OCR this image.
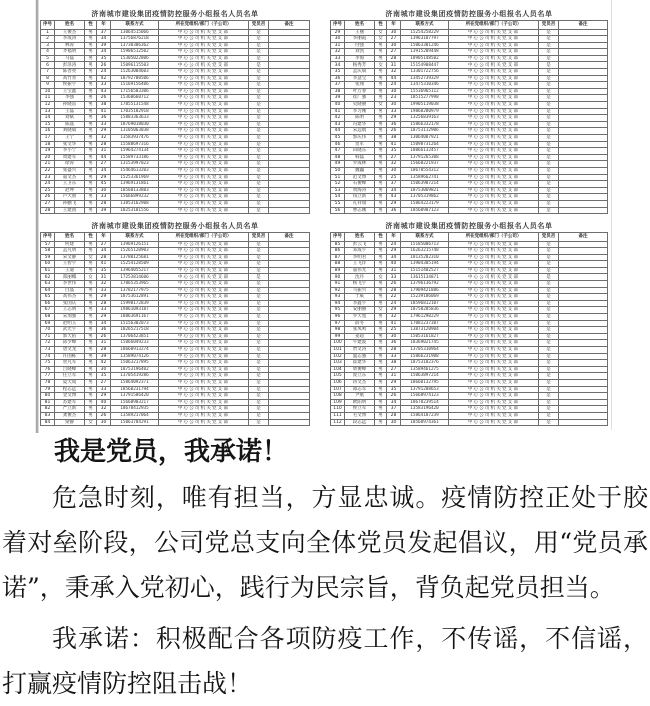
济南城市建设集团疫情防控服务小组报名人员名单
序号	姓名	性	年	联系方式	所在党组织/部门（子公司）	党员否	备注
1	王俊杰	男	37	13064515066	中心公司机关党支部	是	
2	李成涛	男	34	13756876218	中心公司机关党支部	是	
3	林涛	男	39	13730306362	中心公司机关党支部	是	
4	齐福明	男	34	15906512502	中心公司机关党支部	是	
5	马磊	男	35	15305022806	中心公司机关党支部	是	
6	彭泽涛	男	26	15096115503	中心公司机关党支部	是	
7	陈善亮	男	24	15263004603	中心公司机关党支部	是	
8	高竹青	男	42	18792700506	中心公司机关党支部	是	
9	侯振宇	男	33	15169156406	中心公司机关党支部	是	
10	王宝鑫	男	43	17156503306	中心公司机关党支部	是	
11	李强	男	26	15360660712	中心公司机关党支部	是	
12	孙晓雷	男	38	17855131548	中心公司机关党支部	是	
13	王磊	男	41	17035182918	中心公司机关党支部	是	
14	刘斌	男	36	15883363633	中心公司机关党支部	是	
15	陈晶	男	33	18769018030	中心公司机关党支部	是	
16	刘晓斌	男	29	13105063038	中心公司机关党支部	是	
17	王宁	男	32	13583937476	中心公司机关党支部	是	
18	张文华	男	28	15588697316	中心公司机关党支部	是	
19	李小宁	男	31	15964274134	中心公司机关党支部	是	
20	周建军	男	44	15589733186	中心公司机关党支部	是	
21	徐涛	男	27	13153997023	中心公司机关党支部	是	
22	张盛兴	男	34	15464613203	中心公司机关党支部	是	
23	董文杰	男	29	15253361969	中心公司机关党支部	是	
24	王卫东	男	45	13969131861	中心公司机关党支部	是	
25	赵坤	男	30	18560133883	中心公司机关党支部	是	
26	卢大朋	男	33	15666899232	中心公司机关党支部	是	
27	孙鹏飞	男	28	13853162908	中心公司机关党支部	是	
28	王建国	男	39	18253101556	中心公司机关党支部	是	
济南城市建设集团疫情防控服务小组报名人员名单
序号	姓名	性	年	联系方式	所在党组织/部门（子公司）	党员否	备注
29	王丽	女	30	15254258229	中心公司机关党支部	是	
30	李丽霞	女	27	13963187797	中心公司机关党支部	是	
31	付强	男	30	15063301246	中心公司机关党支部	是	
32	刘凯	男	27	13915209448	中心公司机关党支部	是	
33	李海	男	28	18905148502	中心公司机关党支部	是	
34	杨秀芳	女	31	15154908447	中心公司机关党支部	是	
35	孟庆斌	男	32	13301722756	中心公司机关党支部	是	
36	李慧宝	男	44	13452739329	中心公司机关党支部	是	
37	张翔	男	24	13475310346	中心公司机关党支部	是	
38	叶万春	男	30	15536965112	中心公司机关党支部	是	
39	崔广强	男	23	18515277998	中心公司机关党支部	是	
40	史晓丽	女	30	19905119038	中心公司机关党支部	是	
41	李习刚	男	33	19860280979	中心公司机关党支部	是	
42	陈明	男	29	13256839163	中心公司机关党支部	是	
43	冯建华	男	36	15866332178	中心公司机关党支部	是	
44	宋远航	男	26	18753112906	中心公司机关党支部	是	
45	郭庆伟	男	38	13064087921	中心公司机关党支部	是	
46	贺军	男	41	15098731264	中心公司机关党支部	是	
47	田晓东	男	35	18866132457	中心公司机关党支部	是	
48	韩磊	男	27	13791265308	中心公司机关党支部	是	
49	罗成林	男	32	15668221937	中心公司机关党支部	是	
50	魏巍	男	30	18678554312	中心公司机关党支部	是	
51	范文博	男	25	13589662741	中心公司机关党支部	是	
52	石俊峰	男	37	15063987214	中心公司机关党支部	是	
53	黄海涛	男	34	18753069821	中心公司机关党支部	是	
54	钱立新	男	43	13705319862	中心公司机关党支部	是	
55	孔祥瑞	男	29	15864223179	中心公司机关党支部	是	
56	曹志刚	男	36	18560987123	中心公司机关党支部	是	
济南城市建设集团疫情防控服务小组报名人员名单
序号	姓名	性	年	联系方式	所在党组织/部门（子公司）	党员否	备注
57	何建	男	27	13969126151	中心公司机关党支部	是	
58	孟凡明	男	34	15265120903	中心公司机关党支部	是	
59	宋文静	女	28	13780125681	中心公司机关党支部	是	
60	王智宇	男	41	15254128509	中心公司机关党支部	是	
61	王迪	男	35	13964055217	中心公司机关党支部	是	
62	郑丽娜	女	31	17253814606	中心公司机关党支部	是	
63	李世伟	男	32	17865353965	中心公司机关党支部	是	
64	白晶	男	33	13782177975	中心公司机关党支部	是	
65	高伟杰	男	29	18753612891	中心公司机关党支部	是	
66	张国庆	男	28	15998172839	中心公司机关党支部	是	
67	王志明	男	33	19861093187	中心公司机关党支部	是	
68	宋加强	男	29	18863691167	中心公司机关党支部	是	
69	赵明玉	男	34	15156302073	中心公司机关党支部	是	
70	武光宇	男	36	18265217518	中心公司机关党支部	是	
71	郭天佑	男	26	13706423851	中心公司机关党支部	是	
72	邱少峰	男	31	15866049233	中心公司机关党支部	是	
73	唐文龙	男	28	18660913274	中心公司机关党支部	是	
74	许国栋	男	39	13589074126	中心公司机关党支部	是	
75	曾凡军	男	42	15063217895	中心公司机关党支部	是	
76	吕晓峰	男	30	18753196402	中心公司机关党支部	是	
77	任立军	男	35	13705419286	中心公司机关党支部	是	
78	夏天成	男	27	15864092371	中心公司机关党支部	是	
79	程志远	男	33	18560231794	中心公司机关党支部	是	
80	金文博	男	29	13791586420	中心公司机关党支部	是	
81	苏建军	男	40	15668903217	中心公司机关党支部	是	
82	严立新	男	32	18678412935	中心公司机关党支部	是	
83	龚俊杰	男	26	13589217064	中心公司机关党支部	是	
84	梁静	女	30	15063784291	中心公司机关党支部	是	
济南城市建设集团疫情防控服务小组报名人员名单
序号	姓名	性	年	联系方式	所在党组织/部门（子公司）	党员否	备注
85	彭云飞	男	24	15185006713	中心公司机关党支部	是	
86	邓成宇	男	29	16263215748	中心公司机关党支部	是	
87	李明君	男	34	18135282310	中心公司机关党支部	是	
88	王飞洋	男	40	13904305194	中心公司机关党支部	是	
89	董伟光	男	31	15151402527	中心公司机关党支部	是	
90	沈丹	女	33	13615134871	中心公司机关党支部	是	
91	杨飞宇	男	26	13796136792	中心公司机关党支部	是	
92	马振兴	男	28	17909421886	中心公司机关党支部	是	
93	于威	男	22	15239186069	中心公司机关党支部	是	
94	李鑫宇	男	24	18596812107	中心公司机关党支部	是	
95	安丽丽	女	29	18758285836	中心公司机关党支部	是	
96	罗天旭	男	32	17961290229	中心公司机关党支部	是	
97	薛冬	男	41	17081237387	中心公司机关党支部	是	
98	张凤鸣	男	25	13873120904	中心公司机关党支部	是	
99	姜超	男	30	15053161827	中心公司机关党支部	是	
100	牛建波	男	36	18369021745	中心公司机关党支部	是	
101	贾文涛	男	28	13705310964	中心公司机关党支部	是	
102	温志强	男	33	15866231908	中心公司机关党支部	是	
103	霍建华	男	38	18753102376	中心公司机关党支部	是	
104	柴俊峰	男	27	13589461275	中心公司机关党支部	是	
105	庞立东	男	31	15063897214	中心公司机关党支部	是	
106	蒋文杰	男	29	18660132795	中心公司机关党支部	是	
107	谭志军	男	35	13791208653	中心公司机关党支部	是	
108	尹航	男	26	15668974123	中心公司机关党支部	是	
109	欧阳明	男	34	18678239514	中心公司机关党支部	是	
110	侯立军	男	37	13583196420	中心公司机关党支部	是	
111	毛文博	男	28	15864107239	中心公司机关党支部	是	
112	段志远	男	30	18560974361	中心公司机关党支部	是	

我是党员，我承诺！

危急时刻，唯有担当，方显忠诚。疫情防控正处于胶着对垒阶段，公司党总支向全体党员发起倡议，用“党员承诺”，秉承入党初心，践行为民宗旨，背负起党员担当。

我承诺：积极配合各项防疫工作，不传谣，不信谣，打赢疫情防控阻击战！
